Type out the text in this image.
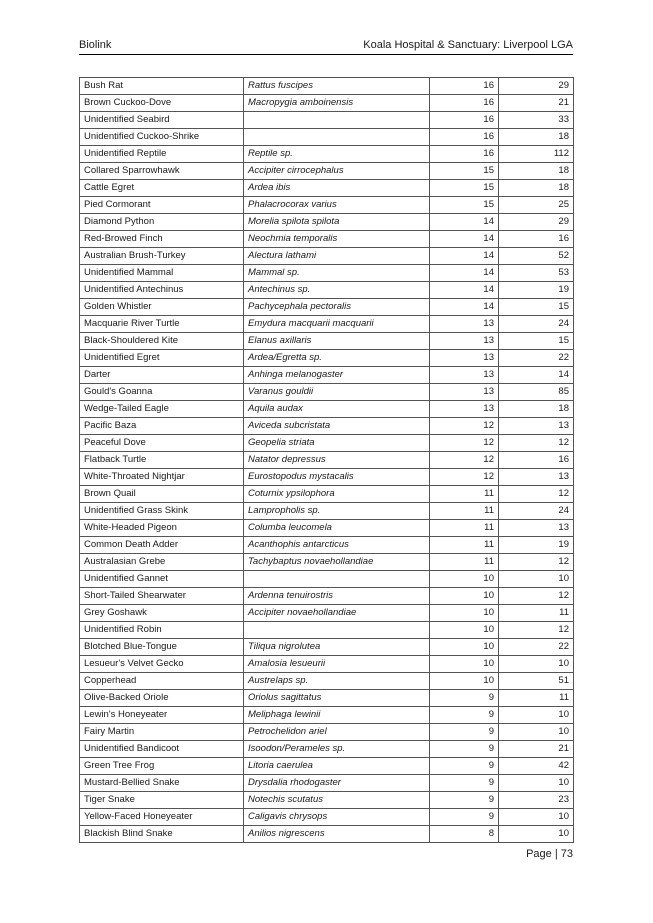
Biolink	Koala Hospital & Sanctuary: Liverpool LGA
Bush Rat	Rattus fuscipes	16	29
Brown Cuckoo-Dove	Macropygia amboinensis	16	21
Unidentified Seabird		16	33
Unidentified Cuckoo-Shrike		16	18
Unidentified Reptile	Reptile sp.	16	112
Collared Sparrowhawk	Accipiter cirrocephalus	15	18
Cattle Egret	Ardea ibis	15	18
Pied Cormorant	Phalacrocorax varius	15	25
Diamond Python	Morelia spilota spilota	14	29
Red-Browed Finch	Neochmia temporalis	14	16
Australian Brush-Turkey	Alectura lathami	14	52
Unidentified Mammal	Mammal sp.	14	53
Unidentified Antechinus	Antechinus sp.	14	19
Golden Whistler	Pachycephala pectoralis	14	15
Macquarie River Turtle	Emydura macquarii macquarii	13	24
Black-Shouldered Kite	Elanus axillaris	13	15
Unidentified Egret	Ardea/Egretta sp.	13	22
Darter	Anhinga melanogaster	13	14
Gould's Goanna	Varanus gouldii	13	85
Wedge-Tailed Eagle	Aquila audax	13	18
Pacific Baza	Aviceda subcristata	12	13
Peaceful Dove	Geopelia striata	12	12
Flatback Turtle	Natator depressus	12	16
White-Throated Nightjar	Eurostopodus mystacalis	12	13
Brown Quail	Coturnix ypsilophora	11	12
Unidentified Grass Skink	Lampropholis sp.	11	24
White-Headed Pigeon	Columba leucomela	11	13
Common Death Adder	Acanthophis antarcticus	11	19
Australasian Grebe	Tachybaptus novaehollandiae	11	12
Unidentified Gannet		10	10
Short-Tailed Shearwater	Ardenna tenuirostris	10	12
Grey Goshawk	Accipiter novaehollandiae	10	11
Unidentified Robin		10	12
Blotched Blue-Tongue	Tiliqua nigrolutea	10	22
Lesueur's Velvet Gecko	Amalosia lesueurii	10	10
Copperhead	Austrelaps sp.	10	51
Olive-Backed Oriole	Oriolus sagittatus	9	11
Lewin's Honeyeater	Meliphaga lewinii	9	10
Fairy Martin	Petrochelidon ariel	9	10
Unidentified Bandicoot	Isoodon/Perameles sp.	9	21
Green Tree Frog	Litoria caerulea	9	42
Mustard-Bellied Snake	Drysdalia rhodogaster	9	10
Tiger Snake	Notechis scutatus	9	23
Yellow-Faced Honeyeater	Caligavis chrysops	9	10
Blackish Blind Snake	Anilios nigrescens	8	10
Page | 73
